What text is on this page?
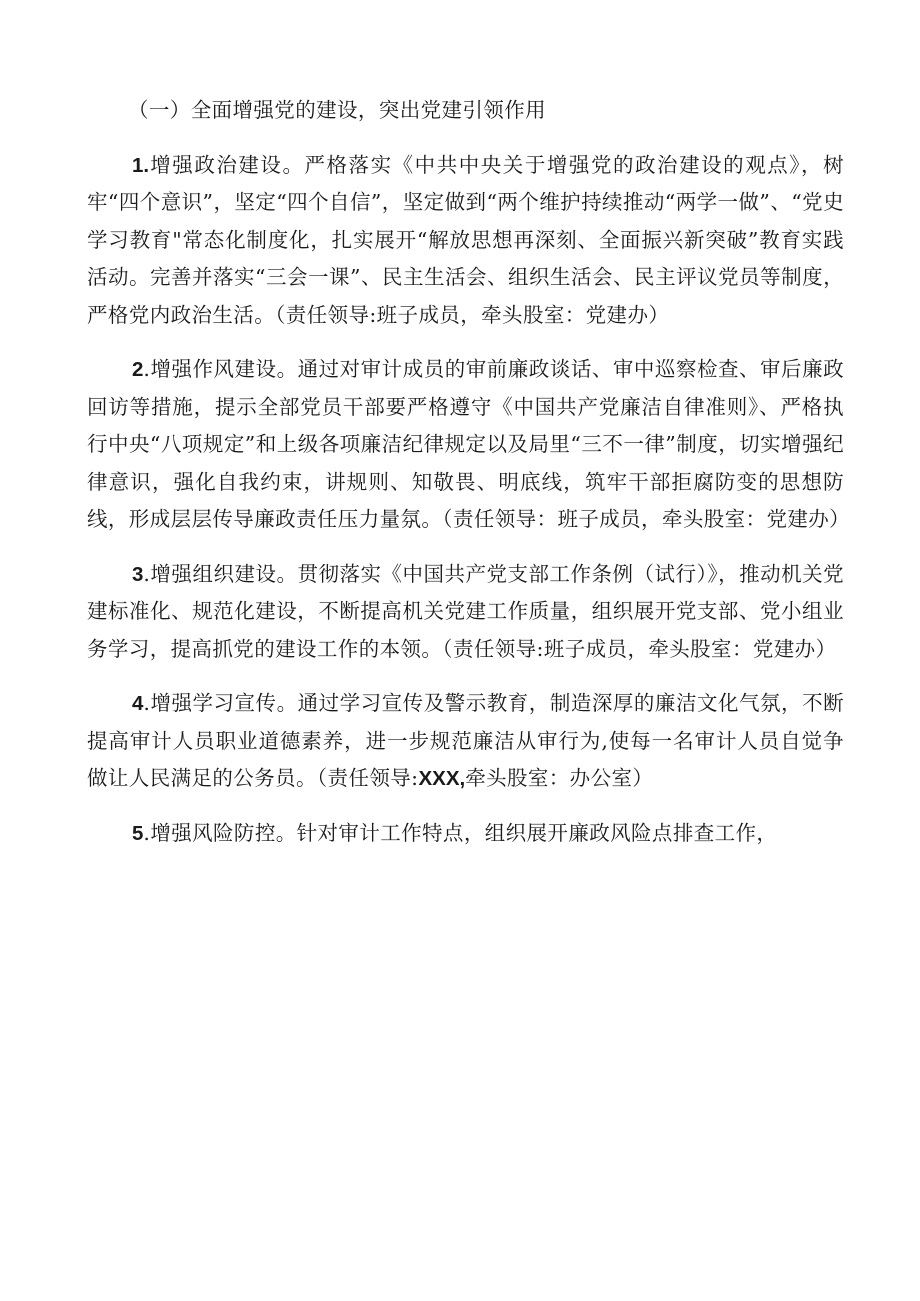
（一）全面增强党的建设，突出党建引领作用

1.增强政治建设。严格落实《中共中央关于增强党的政治建设的观点》，树牢“四个意识”，坚定“四个自信”，坚定做到“两个维护持续推动“两学一做”、“党史学习教育"常态化制度化，扎实展开“解放思想再深刻、全面振兴新突破”教育实践活动。完善并落实“三会一课”、民主生活会、组织生活会、民主评议党员等制度，严格党内政治生活。（责任领导:班子成员，牵头股室：党建办）

2.增强作风建设。通过对审计成员的审前廉政谈话、审中巡察检查、审后廉政回访等措施，提示全部党员干部要严格遵守《中国共产党廉洁自律准则》、严格执行中央“八项规定”和上级各项廉洁纪律规定以及局里“三不一律”制度，切实增强纪律意识，强化自我约束，讲规则、知敬畏、明底线，筑牢干部拒腐防变的思想防线，形成层层传导廉政责任压力量氛。（责任领导：班子成员，牵头股室：党建办）

3.增强组织建设。贯彻落实《中国共产党支部工作条例（试行）》，推动机关党建标准化、规范化建设，不断提高机关党建工作质量，组织展开党支部、党小组业务学习，提高抓党的建设工作的本领。（责任领导:班子成员，牵头股室：党建办）

4.增强学习宣传。通过学习宣传及警示教育，制造深厚的廉洁文化气氛，不断提高审计人员职业道德素养，进一步规范廉洁从审行为,使每一名审计人员自觉争做让人民满足的公务员。（责任领导:XXX,牵头股室：办公室）

5.增强风险防控。针对审计工作特点，组织展开廉政风险点排查工作，
